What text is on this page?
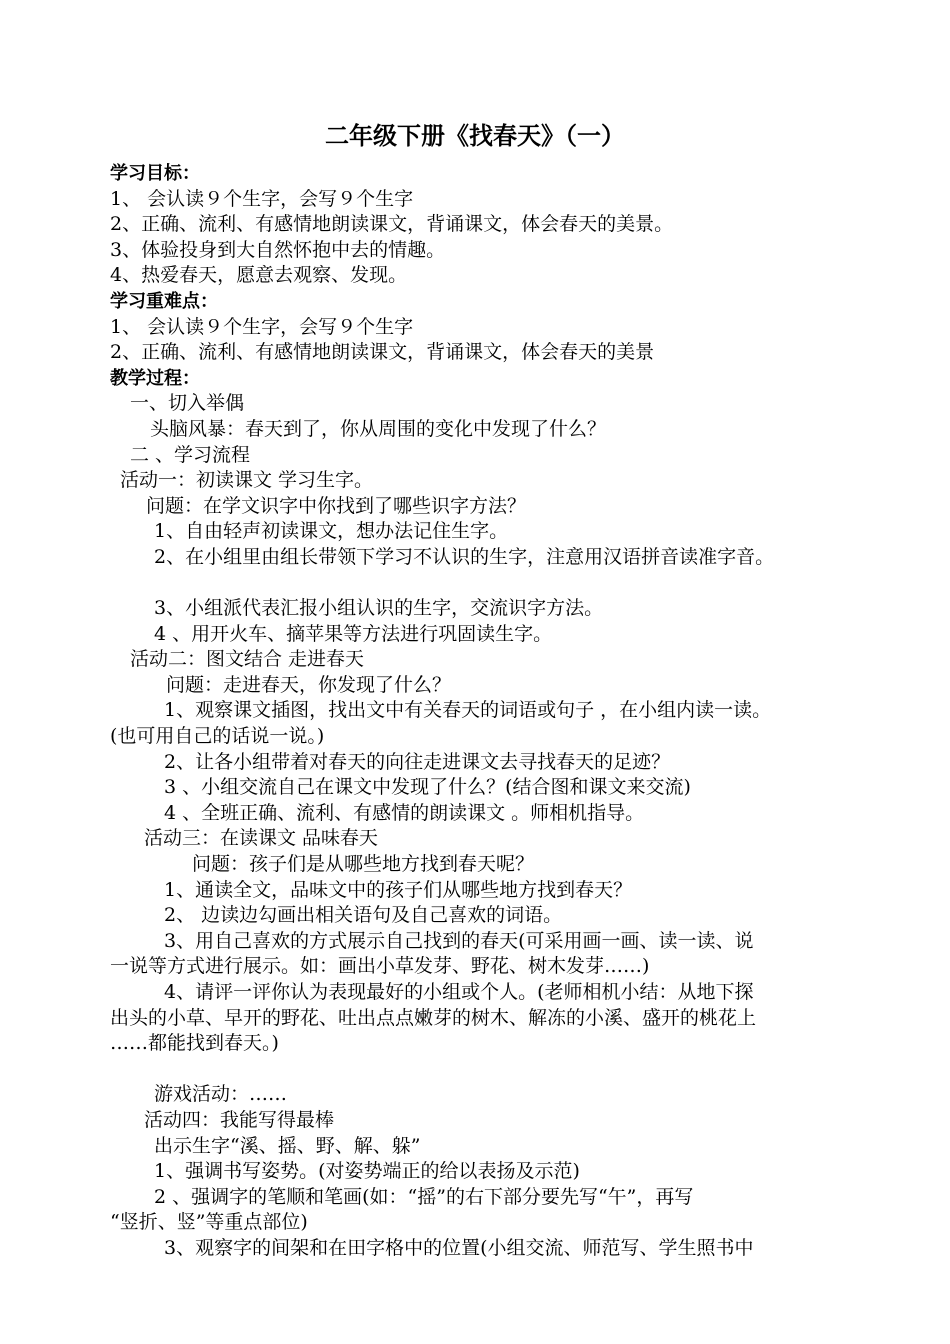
二年级下册《找春天》（一）
学习目标：
1、 会认读９个生字，会写９个生字
2、正确、流利、有感情地朗读课文，背诵课文，体会春天的美景。
3、体验投身到大自然怀抱中去的情趣。
4、热爱春天，愿意去观察、发现。
学习重难点：
1、 会认读９个生字，会写９个生字
2、正确、流利、有感情地朗读课文，背诵课文，体会春天的美景
教学过程：
一、切入举偶
头脑风暴：春天到了，你从周围的变化中发现了什么？
二 、学习流程
活动一：初读课文 学习生字。
问题：在学文识字中你找到了哪些识字方法？
1、自由轻声初读课文，想办法记住生字。
2、在小组里由组长带领下学习不认识的生字，注意用汉语拼音读准字音。
3、小组派代表汇报小组认识的生字，交流识字方法。
4 、用开火车、摘苹果等方法进行巩固读生字。
活动二：图文结合 走进春天
问题：走进春天，你发现了什么？
1、观察课文插图，找出文中有关春天的词语或句子 ，在小组内读一读。
(也可用自己的话说一说。)
2、让各小组带着对春天的向往走进课文去寻找春天的足迹？
3 、小组交流自己在课文中发现了什么？(结合图和课文来交流)
4 、全班正确、流利、有感情的朗读课文 。师相机指导。
活动三：在读课文 品味春天
问题：孩子们是从哪些地方找到春天呢？
1、通读全文，品味文中的孩子们从哪些地方找到春天？
2、 边读边勾画出相关语句及自己喜欢的词语。
3、用自己喜欢的方式展示自己找到的春天(可采用画一画、读一读、说
一说等方式进行展示。如：画出小草发芽、野花、树木发芽……)
4、请评一评你认为表现最好的小组或个人。(老师相机小结：从地下探
出头的小草、早开的野花、吐出点点嫩芽的树木、解冻的小溪、盛开的桃花上
……都能找到春天。)
游戏活动：……
活动四：我能写得最棒
出示生字“溪、摇、野、解、躲”
1、强调书写姿势。(对姿势端正的给以表扬及示范)
2 、强调字的笔顺和笔画(如：“摇”的右下部分要先写“午”，再写
“竖折、竖”等重点部位)
3、观察字的间架和在田字格中的位置(小组交流、师范写、学生照书中
